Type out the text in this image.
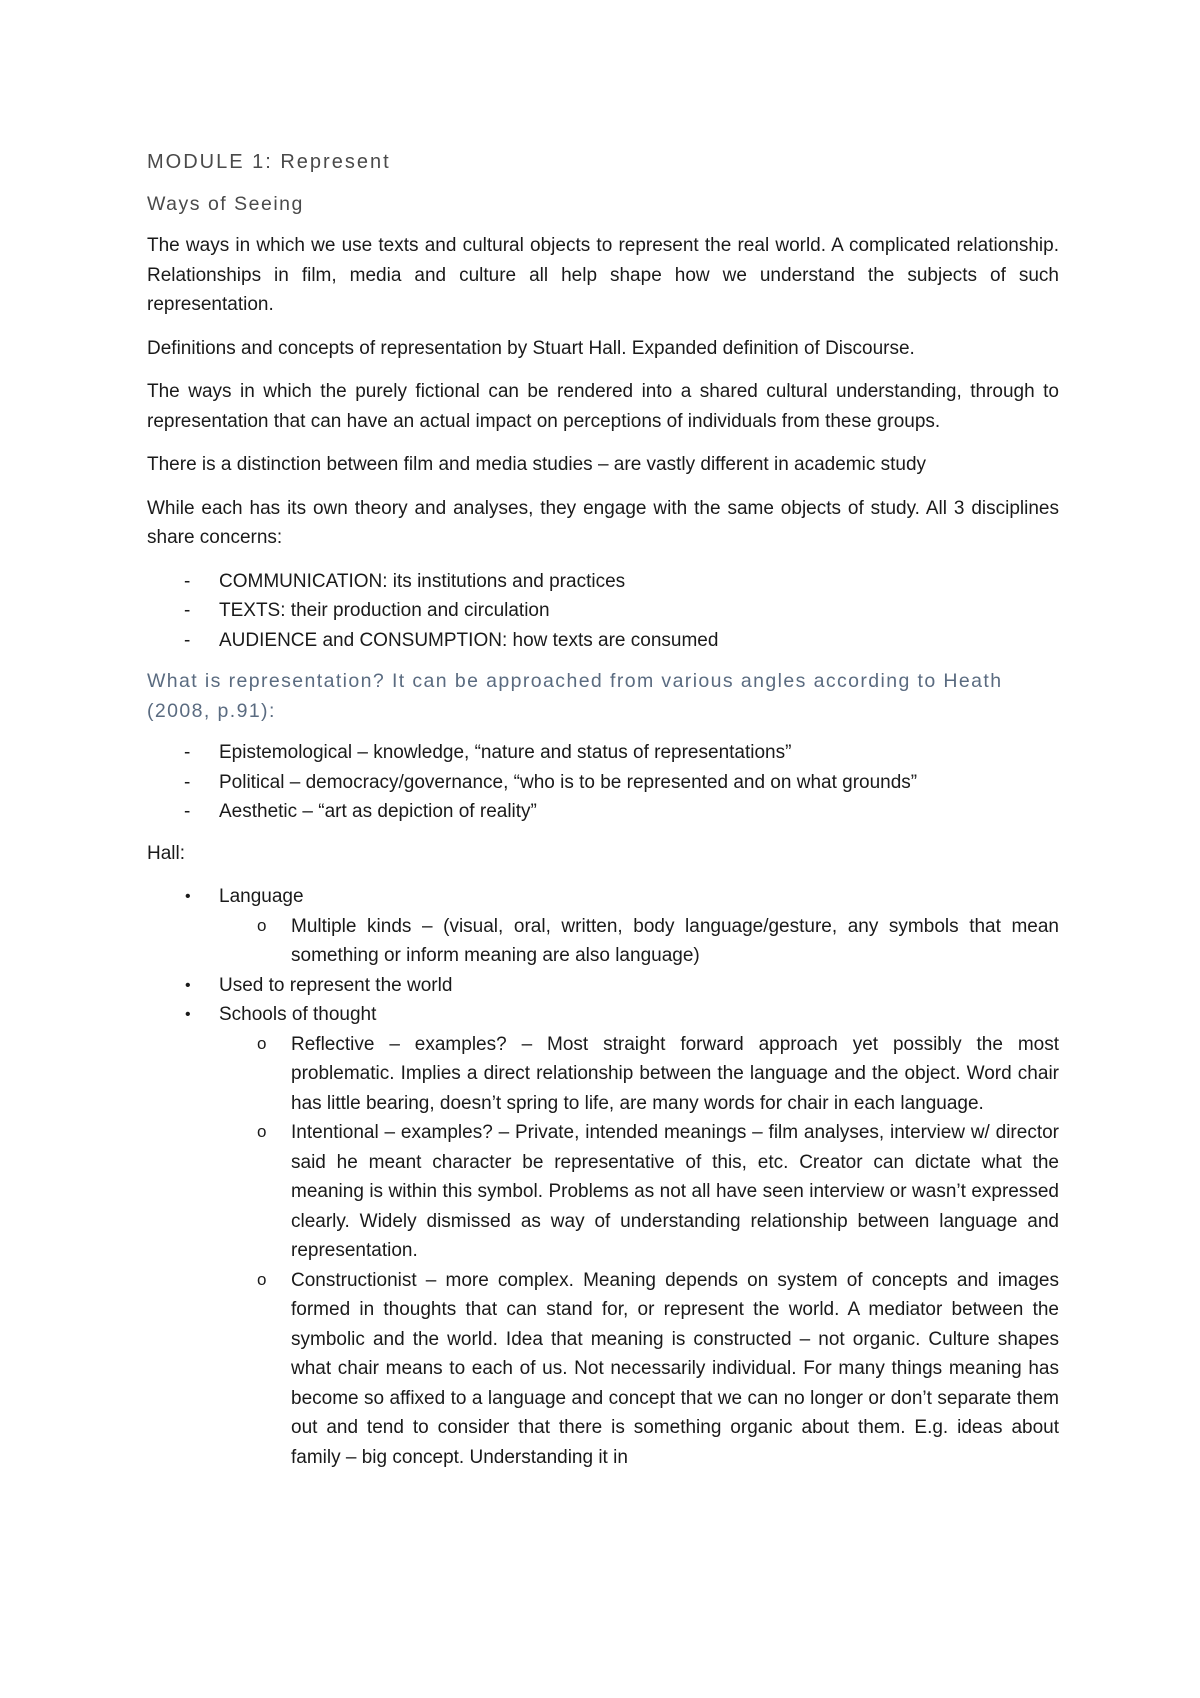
MODULE 1: Represent
Ways of Seeing

The ways in which we use texts and cultural objects to represent the real world. A complicated relationship. Relationships in film, media and culture all help shape how we understand the subjects of such representation.

Definitions and concepts of representation by Stuart Hall. Expanded definition of Discourse.

The ways in which the purely fictional can be rendered into a shared cultural understanding, through to representation that can have an actual impact on perceptions of individuals from these groups.

There is a distinction between film and media studies – are vastly different in academic study

While each has its own theory and analyses, they engage with the same objects of study. All 3 disciplines share concerns:

- COMMUNICATION: its institutions and practices
- TEXTS: their production and circulation
- AUDIENCE and CONSUMPTION: how texts are consumed
What is representation? It can be approached from various angles according to Heath (2008, p.91):
- Epistemological – knowledge, “nature and status of representations”
- Political – democracy/governance, “who is to be represented and on what grounds”
- Aesthetic – “art as depiction of reality”

Hall:

• Language
o Multiple kinds – (visual, oral, written, body language/gesture, any symbols that mean something or inform meaning are also language)
• Used to represent the world
• Schools of thought
o Reflective – examples? – Most straight forward approach yet possibly the most problematic. Implies a direct relationship between the language and the object. Word chair has little bearing, doesn’t spring to life, are many words for chair in each language.
o Intentional – examples? – Private, intended meanings – film analyses, interview w/ director said he meant character be representative of this, etc. Creator can dictate what the meaning is within this symbol. Problems as not all have seen interview or wasn’t expressed clearly. Widely dismissed as way of understanding relationship between language and representation.
o Constructionist – more complex. Meaning depends on system of concepts and images formed in thoughts that can stand for, or represent the world. A mediator between the symbolic and the world. Idea that meaning is constructed – not organic. Culture shapes what chair means to each of us. Not necessarily individual. For many things meaning has become so affixed to a language and concept that we can no longer or don’t separate them out and tend to consider that there is something organic about them. E.g. ideas about family – big concept. Understanding it in
